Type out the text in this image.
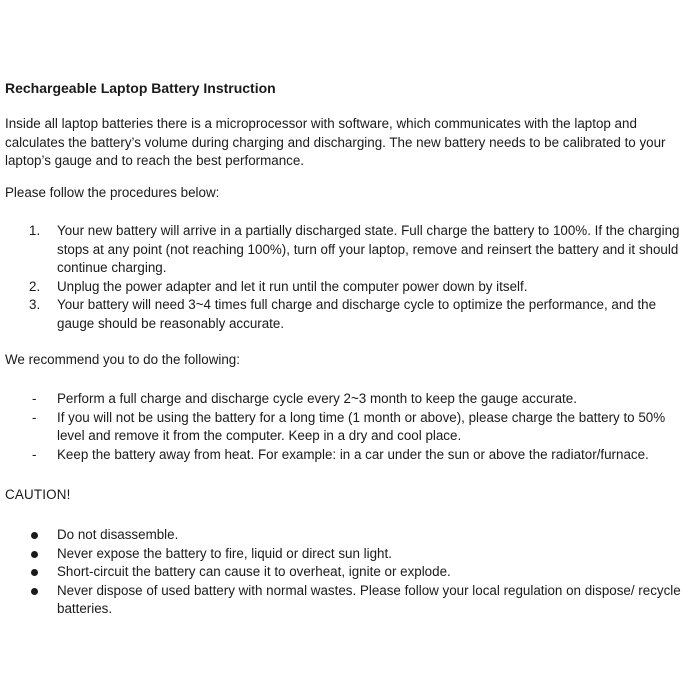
Rechargeable Laptop Battery Instruction

Inside all laptop batteries there is a microprocessor with software, which communicates with the laptop and calculates the battery’s volume during charging and discharging. The new battery needs to be calibrated to your laptop’s gauge and to reach the best performance.

Please follow the procedures below:

1. Your new battery will arrive in a partially discharged state. Full charge the battery to 100%. If the charging stops at any point (not reaching 100%), turn off your laptop, remove and reinsert the battery and it should continue charging.
2. Unplug the power adapter and let it run until the computer power down by itself.
3. Your battery will need 3~4 times full charge and discharge cycle to optimize the performance, and the gauge should be reasonably accurate.

We recommend you to do the following:

- Perform a full charge and discharge cycle every 2~3 month to keep the gauge accurate.
- If you will not be using the battery for a long time (1 month or above), please charge the battery to 50% level and remove it from the computer. Keep in a dry and cool place.
- Keep the battery away from heat. For example: in a car under the sun or above the radiator/furnace.

CAUTION!

Do not disassemble.
Never expose the battery to fire, liquid or direct sun light.
Short-circuit the battery can cause it to overheat, ignite or explode.
Never dispose of used battery with normal wastes. Please follow your local regulation on dispose/ recycle batteries.
